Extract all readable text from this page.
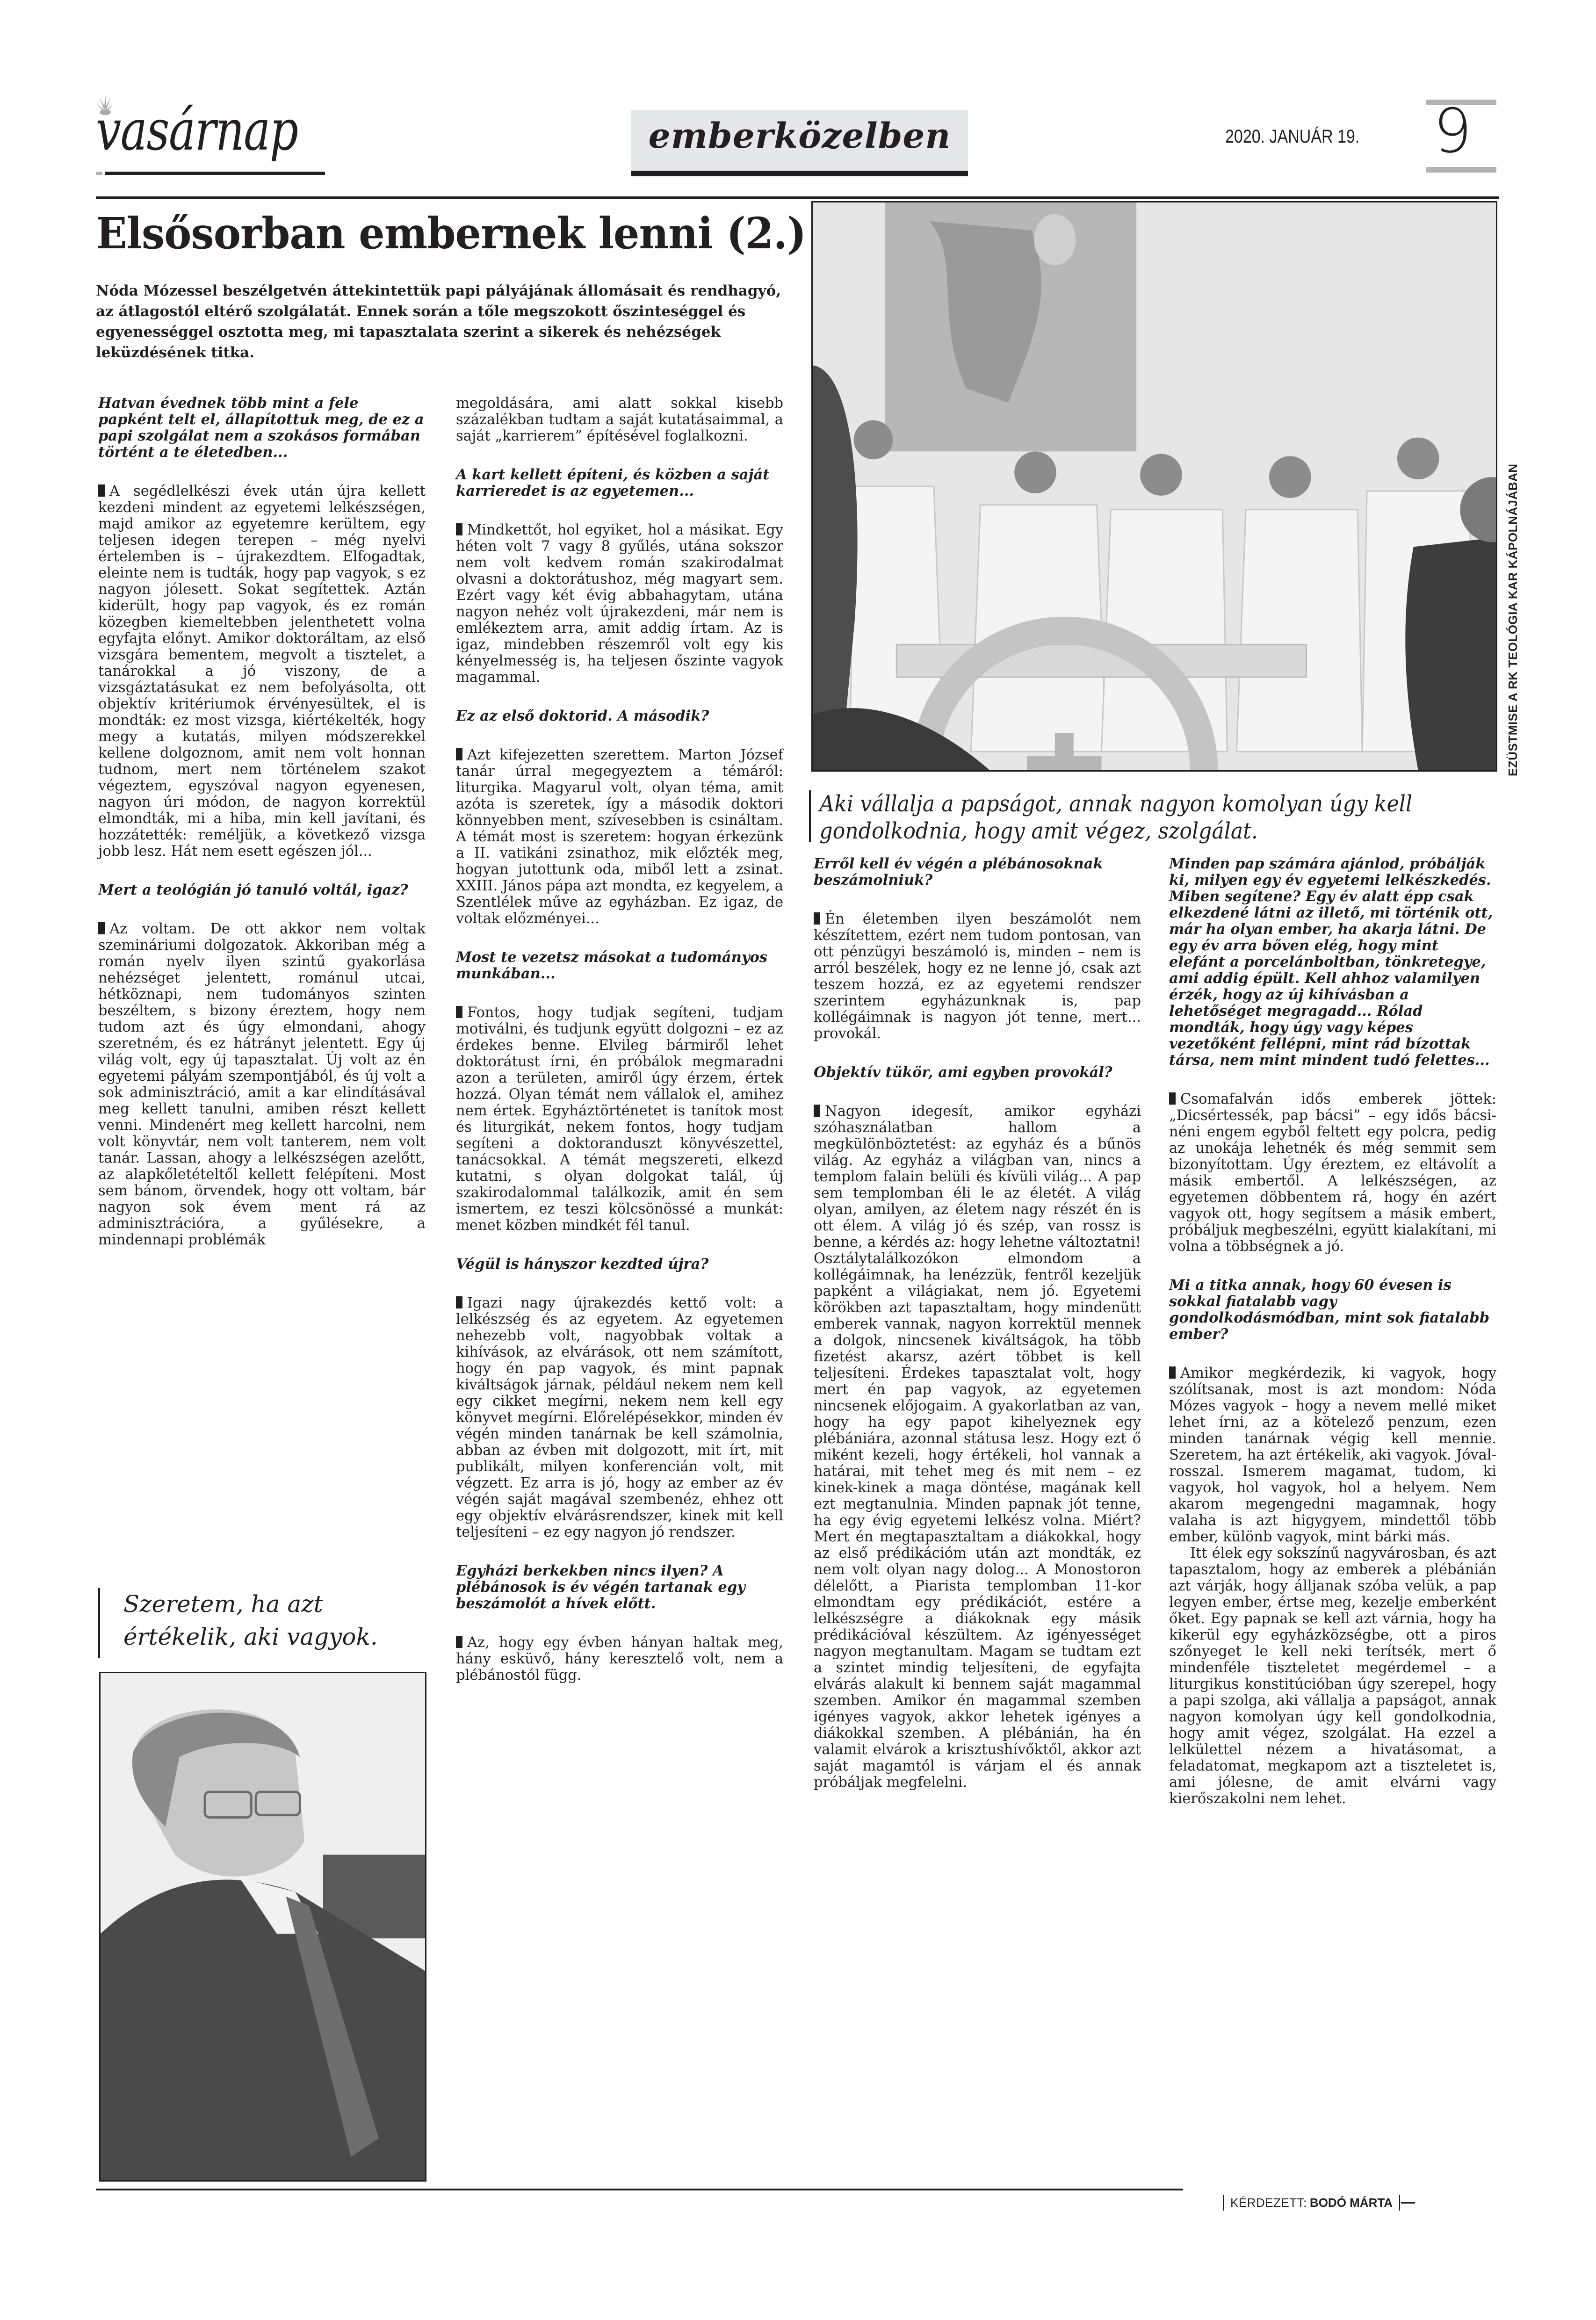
vasárnap	emberközelben	2020. JANUÁR 19. 9
Elsősorban embernek lenni (2.)

Nóda Mózessel beszélgetvén áttekintettük papi pályájának állomásait és rendhagyó, az átlagostól eltérő szolgálatát. Ennek során a tőle megszokott őszinteséggel és egyenességgel osztotta meg, mi tapasztalata szerint a sikerek és nehézségek leküzdésének titka.

EZÜSTMISE A RK TEOLÓGIA KAR KÁPOLNÁJÁBAN
Aki vállalja a papságot, annak nagyon komolyan úgy kell gondolkodnia, hogy amit végez, szolgálat.

Hatvan évednek több mint a fele papként telt el, állapítottuk meg, de ez a papi szolgálat nem a szokásos formában történt a te életedben...

A segédlelkészi évek után újra kellett kezdeni mindent az egyetemi lelkészségen, majd amikor az egyetemre kerültem, egy teljesen idegen terepen – még nyelvi értelemben is – újrakezdtem. Elfogadtak, eleinte nem is tudták, hogy pap vagyok, s ez nagyon jólesett. Sokat segítettek. Aztán kiderült, hogy pap vagyok, és ez román közegben kiemeltebben jelenthetett volna egyfajta előnyt. Amikor doktoráltam, az első vizsgára bementem, megvolt a tisztelet, a tanárokkal a jó viszony, de a vizsgáztatásukat ez nem befolyásolta, ott objektív kritériumok érvényesültek, el is mondták: ez most vizsga, kiértékelték, hogy megy a kutatás, milyen módszerekkel kellene dolgoznom, amit nem volt honnan tudnom, mert nem történelem szakot végeztem, egyszóval nagyon egyenesen, nagyon úri módon, de nagyon korrektül elmondták, mi a hiba, min kell javítani, és hozzátették: reméljük, a következő vizsga jobb lesz. Hát nem esett egészen jól...

Mert a teológián jó tanuló voltál, igaz?

Az voltam. De ott akkor nem voltak szemináriumi dolgozatok. Akkoriban még a román nyelv ilyen szintű gyakorlása nehézséget jelentett, románul utcai, hétköznapi, nem tudományos szinten beszéltem, s bizony éreztem, hogy nem tudom azt és úgy elmondani, ahogy szeretném, és ez hátrányt jelentett. Egy új világ volt, egy új tapasztalat. Új volt az én egyetemi pályám szempontjából, és új volt a sok adminisztráció, amit a kar elindításával meg kellett tanulni, amiben részt kellett venni. Mindenért meg kellett harcolni, nem volt könyvtár, nem volt tanterem, nem volt tanár. Lassan, ahogy a lelkészségen azelőtt, az alapkőletételtől kellett felépíteni. Most sem bánom, örvendek, hogy ott voltam, bár nagyon sok évem ment rá az adminisztrációra, a gyűlésekre, a mindennapi problémák

Szeretem, ha azt értékelik, aki vagyok.

megoldására, ami alatt sokkal kisebb százalékban tudtam a saját kutatásaimmal, a saját „karrierem” építésével foglalkozni.

A kart kellett építeni, és közben a saját karrieredet is az egyetemen...

Mindkettőt, hol egyiket, hol a másikat. Egy héten volt 7 vagy 8 gyűlés, utána sokszor nem volt kedvem román szakirodalmat olvasni a doktorátushoz, még magyart sem. Ezért vagy két évig abbahagytam, utána nagyon nehéz volt újrakezdeni, már nem is emlékeztem arra, amit addig írtam. Az is igaz, mindebben részemről volt egy kis kényelmesség is, ha teljesen őszinte vagyok magammal.

Ez az első doktorid. A második?

Azt kifejezetten szerettem. Marton József tanár úrral megegyeztem a témáról: liturgika. Magyarul volt, olyan téma, amit azóta is szeretek, így a második doktori könnyebben ment, szívesebben is csináltam. A témát most is szeretem: hogyan érkezünk a II. vatikáni zsinathoz, mik előzték meg, hogyan jutottunk oda, miből lett a zsinat. XXIII. János pápa azt mondta, ez kegyelem, a Szentlélek műve az egyházban. Ez igaz, de voltak előzményei...

Most te vezetsz másokat a tudományos munkában...

Fontos, hogy tudjak segíteni, tudjam motiválni, és tudjunk együtt dolgozni – ez az érdekes benne. Elvileg bármiről lehet doktorátust írni, én próbálok megmaradni azon a területen, amiről úgy érzem, értek hozzá. Olyan témát nem vállalok el, amihez nem értek. Egyháztörténetet is tanítok most és liturgikát, nekem fontos, hogy tudjam segíteni a doktoranduszt könyvészettel, tanácsokkal. A témát megszereti, elkezd kutatni, s olyan dolgokat talál, új szakirodalommal találkozik, amit én sem ismertem, ez teszi kölcsönössé a munkát: menet közben mindkét fél tanul.

Végül is hányszor kezdted újra?

Igazi nagy újrakezdés kettő volt: a lelkészség és az egyetem. Az egyetemen nehezebb volt, nagyobbak voltak a kihívások, az elvárások, ott nem számított, hogy én pap vagyok, és mint papnak kiváltságok járnak, például nekem nem kell egy cikket megírni, nekem nem kell egy könyvet megírni. Előrelépésekkor, minden év végén minden tanárnak be kell számolnia, abban az évben mit dolgozott, mit írt, mit publikált, milyen konferencián volt, mit végzett. Ez arra is jó, hogy az ember az év végén saját magával szembenéz, ehhez ott egy objektív elvárásrendszer, kinek mit kell teljesíteni – ez egy nagyon jó rendszer.

Egyházi berkekben nincs ilyen? A plébánosok is év végén tartanak egy beszámolót a hívek előtt.

Az, hogy egy évben hányan haltak meg, hány esküvő, hány keresztelő volt, nem a plébánostól függ.

Erről kell év végén a plébánosoknak beszámolniuk?

Én életemben ilyen beszámolót nem készítettem, ezért nem tudom pontosan, van ott pénzügyi beszámoló is, minden – nem is arról beszélek, hogy ez ne lenne jó, csak azt teszem hozzá, ez az egyetemi rendszer szerintem egyházunknak is, pap kollégáimnak is nagyon jót tenne, mert... provokál.

Objektív tükör, ami egyben provokál?

Nagyon idegesít, amikor egyházi szóhasználatban hallom a megkülönböztetést: az egyház és a bűnös világ. Az egyház a világban van, nincs a templom falain belüli és kívüli világ... A pap sem templomban éli le az életét. A világ olyan, amilyen, az életem nagy részét én is ott élem. A világ jó és szép, van rossz is benne, a kérdés az: hogy lehetne változtatni! Osztálytalálkozókon elmondom a kollégáimnak, ha lenézzük, fentről kezeljük papként a világiakat, nem jó. Egyetemi körökben azt tapasztaltam, hogy mindenütt emberek vannak, nagyon korrektül mennek a dolgok, nincsenek kiváltságok, ha több fizetést akarsz, azért többet is kell teljesíteni. Érdekes tapasztalat volt, hogy mert én pap vagyok, az egyetemen nincsenek előjogaim. A gyakorlatban az van, hogy ha egy papot kihelyeznek egy plébániára, azonnal státusa lesz. Hogy ezt ő miként kezeli, hogy értékeli, hol vannak a határai, mit tehet meg és mit nem – ez kinek-kinek a maga döntése, magának kell ezt megtanulnia. Minden papnak jót tenne, ha egy évig egyetemi lelkész volna. Miért? Mert én megtapasztaltam a diákokkal, hogy az első prédikációm után azt mondták, ez nem volt olyan nagy dolog... A Monostoron délelőtt, a Piarista templomban 11-kor elmondtam egy prédikációt, estére a lelkészségre a diákoknak egy másik prédikációval készültem. Az igényességet nagyon megtanultam. Magam se tudtam ezt a szintet mindig teljesíteni, de egyfajta elvárás alakult ki bennem saját magammal szemben. Amikor én magammal szemben igényes vagyok, akkor lehetek igényes a diákokkal szemben. A plébánián, ha én valamit elvárok a krisztushívőktől, akkor azt saját magamtól is várjam el és annak próbáljak megfelelni.

Minden pap számára ajánlod, próbálják ki, milyen egy év egyetemi lelkészkedés. Miben segítene? Egy év alatt épp csak elkezdené látni az illető, mi történik ott, már ha olyan ember, ha akarja látni. De egy év arra bőven elég, hogy mint elefánt a porcelánboltban, tönkretegye, ami addig épült. Kell ahhoz valamilyen érzék, hogy az új kihívásban a lehetőséget megragadd... Rólad mondták, hogy úgy vagy képes vezetőként fellépni, mint rád bízottak társa, nem mint mindent tudó felettes...

Csomafalván idős emberek jöttek: „Dicsértessék, pap bácsi” – egy idős bácsi-néni engem egyből feltett egy polcra, pedig az unokája lehetnék és még semmit sem bizonyítottam. Úgy éreztem, ez eltávolít a másik embertől. A lelkészségen, az egyetemen döbbentem rá, hogy én azért vagyok ott, hogy segítsem a másik embert, próbáljuk megbeszélni, együtt kialakítani, mi volna a többségnek a jó.

Mi a titka annak, hogy 60 évesen is sokkal fiatalabb vagy gondolkodásmódban, mint sok fiatalabb ember?

Amikor megkérdezik, ki vagyok, hogy szólítsanak, most is azt mondom: Nóda Mózes vagyok – hogy a nevem mellé miket lehet írni, az a kötelező penzum, ezen minden tanárnak végig kell mennie. Szeretem, ha azt értékelik, aki vagyok. Jóval-rosszal. Ismerem magamat, tudom, ki vagyok, hol vagyok, hol a helyem. Nem akarom megengedni magamnak, hogy valaha is azt higygyem, mindettől több ember, különb vagyok, mint bárki más.

Itt élek egy sokszínű nagyvárosban, és azt tapasztalom, hogy az emberek a plébánián azt várják, hogy álljanak szóba velük, a pap legyen ember, értse meg, kezelje emberként őket. Egy papnak se kell azt várnia, hogy ha kikerül egy egyházközségbe, ott a piros szőnyeget le kell neki terítsék, mert ő mindenféle tiszteletet megérdemel – a liturgikus konstitúcióban úgy szerepel, hogy a papi szolga, aki vállalja a papságot, annak nagyon komolyan úgy kell gondolkodnia, hogy amit végez, szolgálat. Ha ezzel a lelkülettel nézem a hivatásomat, a feladatomat, megkapom azt a tiszteletet is, ami jólesne, de amit elvárni vagy kierőszakolni nem lehet.

KÉRDEZETT: BODÓ MÁRTA
